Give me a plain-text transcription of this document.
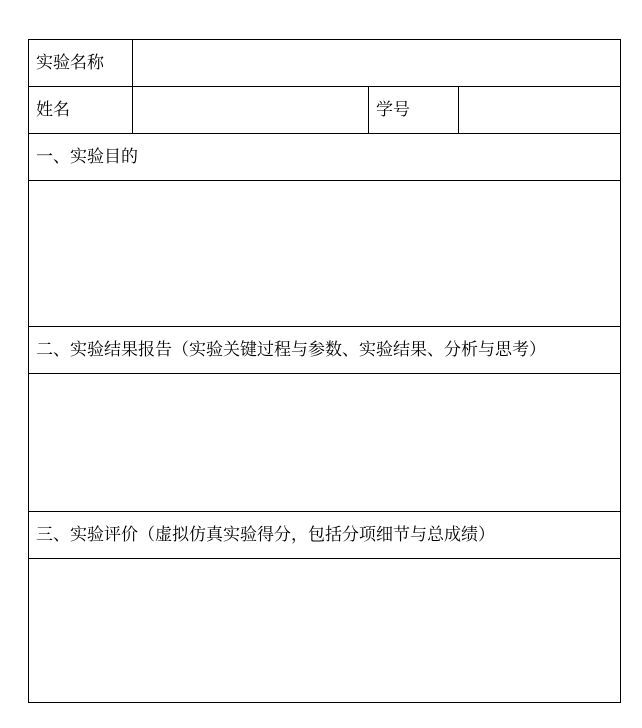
实验名称			
姓名		学号	
一、实验目的			

二、实验结果报告（实验关键过程与参数、实验结果、分析与思考）			

三、实验评价（虚拟仿真实验得分，包括分项细节与总成绩）			
